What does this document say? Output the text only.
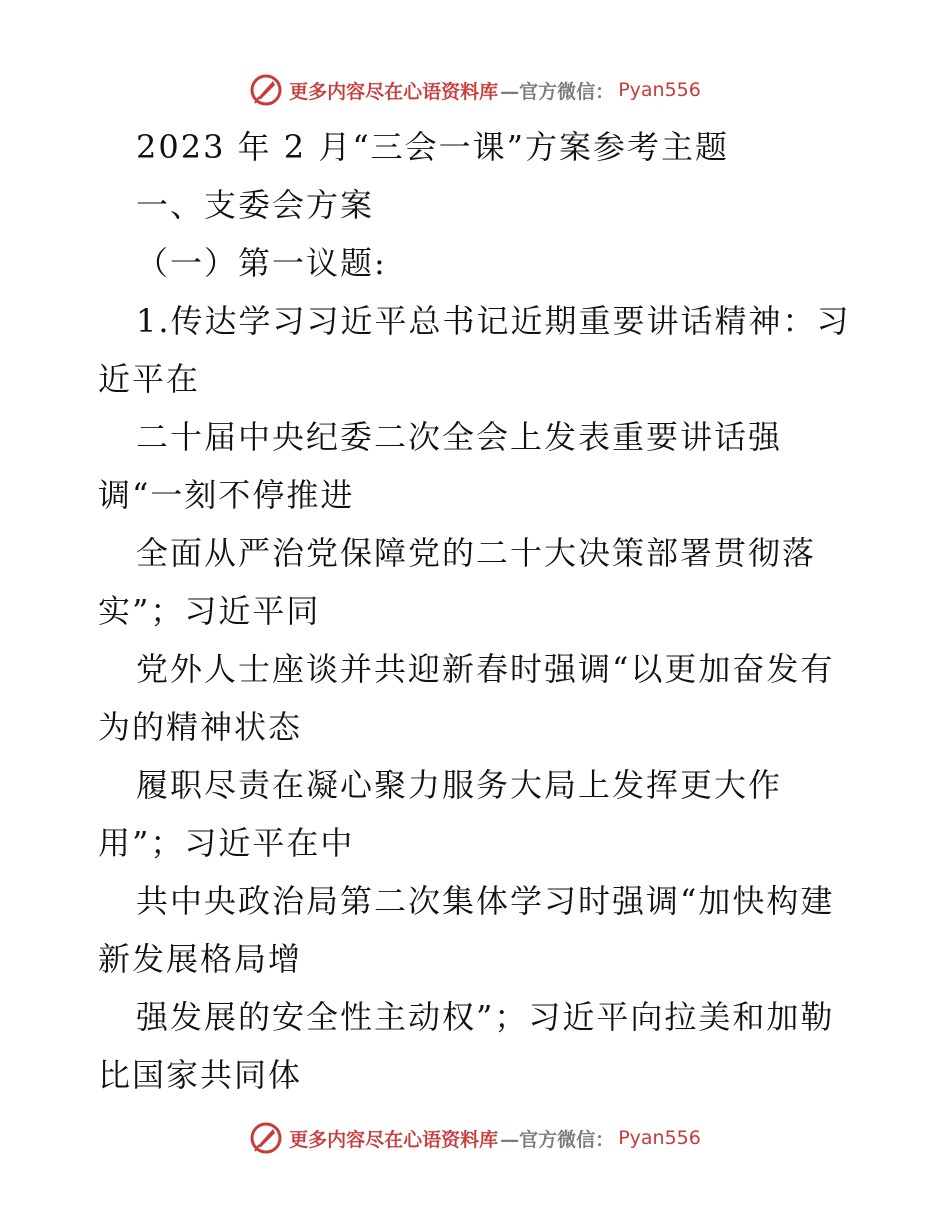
更多内容尽在心语资料库 —官方微信： Pyan556
2023 年 2 月“三会一课”方案参考主题
一、支委会方案
（一）第一议题:
1.传达学习习近平总书记近期重要讲话精神：习
近平在
二十届中央纪委二次全会上发表重要讲话强
调“一刻不停推进
全面从严治党保障党的二十大决策部署贯彻落
实”；习近平同
党外人士座谈并共迎新春时强调“以更加奋发有
为的精神状态
履职尽责在凝心聚力服务大局上发挥更大作
用”；习近平在中
共中央政治局第二次集体学习时强调“加快构建
新发展格局增
强发展的安全性主动权”；习近平向拉美和加勒
比国家共同体
更多内容尽在心语资料库 —官方微信： Pyan556
